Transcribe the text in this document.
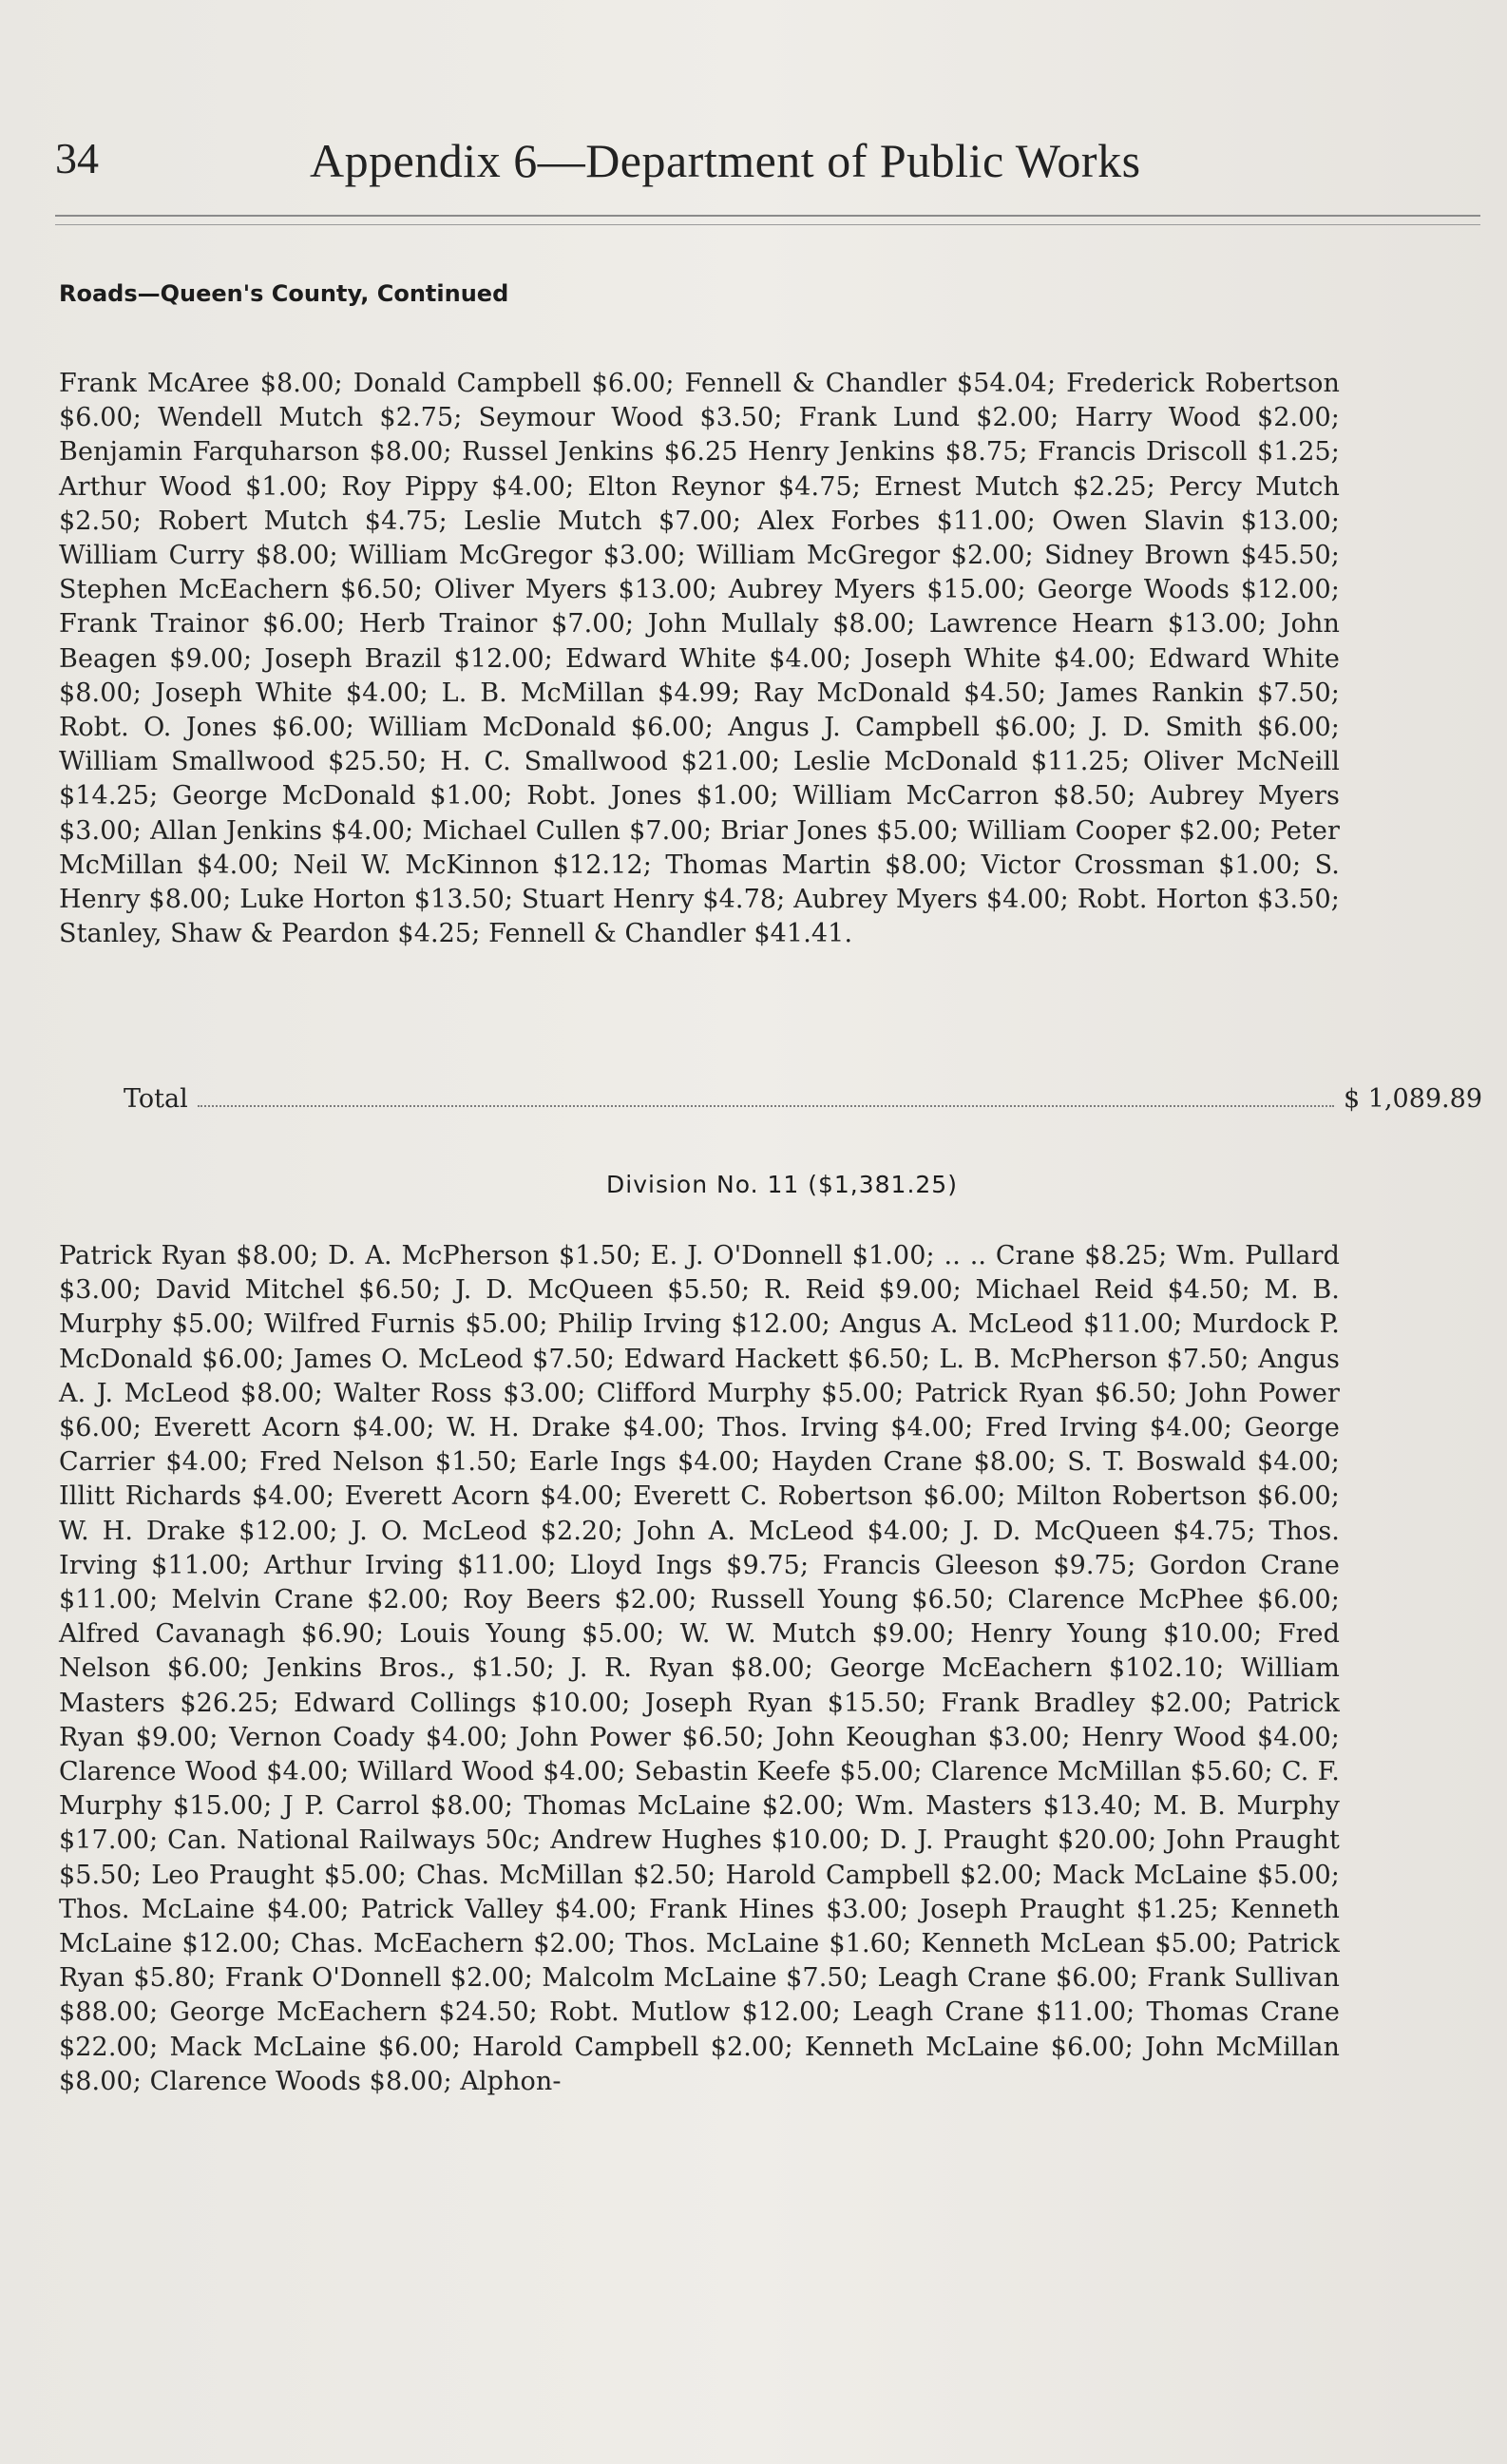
34	Appendix 6—Department of Public Works
Roads—Queen's County, Continued

Frank McAree $8.00; Donald Campbell $6.00; Fennell & Chandler $54.04; Frederick Robertson $6.00; Wendell Mutch $2.75; Seymour Wood $3.50; Frank Lund $2.00; Harry Wood $2.00; Benjamin Farquharson $8.00; Russel Jenkins $6.25 Henry Jenkins $8.75; Francis Driscoll $1.25; Arthur Wood $1.00; Roy Pippy $4.00; Elton Reynor $4.75; Ernest Mutch $2.25; Percy Mutch $2.50; Robert Mutch $4.75; Leslie Mutch $7.00; Alex Forbes $11.00; Owen Slavin $13.00; William Curry $8.00; William McGregor $3.00; William McGregor $2.00; Sidney Brown $45.50; Stephen McEachern $6.50; Oliver Myers $13.00; Aubrey Myers $15.00; George Woods $12.00; Frank Trainor $6.00; Herb Trainor $7.00; John Mullaly $8.00; Lawrence Hearn $13.00; John Beagen $9.00; Joseph Brazil $12.00; Edward White $4.00; Joseph White $4.00; Edward White $8.00; Joseph White $4.00; L. B. McMillan $4.99; Ray McDonald $4.50; James Rankin $7.50; Robt. O. Jones $6.00; William McDonald $6.00; Angus J. Campbell $6.00; J. D. Smith $6.00; William Smallwood $25.50; H. C. Smallwood $21.00; Leslie McDonald $11.25; Oliver McNeill $14.25; George McDonald $1.00; Robt. Jones $1.00; William McCarron $8.50; Aubrey Myers $3.00; Allan Jenkins $4.00; Michael Cullen $7.00; Briar Jones $5.00; William Cooper $2.00; Peter McMillan $4.00; Neil W. McKinnon $12.12; Thomas Martin $8.00; Victor Crossman $1.00; S. Henry $8.00; Luke Horton $13.50; Stuart Henry $4.78; Aubrey Myers $4.00; Robt. Horton $3.50; Stanley, Shaw & Peardon $4.25; Fennell & Chandler $41.41.

Total	$ 1,089.89
Division No. 11 ($1,381.25)

Patrick Ryan $8.00; D. A. McPherson $1.50; E. J. O'Donnell $1.00; .. .. Crane $8.25; Wm. Pullard $3.00; David Mitchel $6.50; J. D. McQueen $5.50; R. Reid $9.00; Michael Reid $4.50; M. B. Murphy $5.00; Wilfred Furnis $5.00; Philip Irving $12.00; Angus A. McLeod $11.00; Murdock P. McDonald $6.00; James O. McLeod $7.50; Edward Hackett $6.50; L. B. McPherson $7.50; Angus A. J. McLeod $8.00; Walter Ross $3.00; Clifford Murphy $5.00; Patrick Ryan $6.50; John Power $6.00; Everett Acorn $4.00; W. H. Drake $4.00; Thos. Irving $4.00; Fred Irving $4.00; George Carrier $4.00; Fred Nelson $1.50; Earle Ings $4.00; Hayden Crane $8.00; S. T. Boswald $4.00; Illitt Richards $4.00; Everett Acorn $4.00; Everett C. Robertson $6.00; Milton Robertson $6.00; W. H. Drake $12.00; J. O. McLeod $2.20; John A. McLeod $4.00; J. D. McQueen $4.75; Thos. Irving $11.00; Arthur Irving $11.00; Lloyd Ings $9.75; Francis Gleeson $9.75; Gordon Crane $11.00; Melvin Crane $2.00; Roy Beers $2.00; Russell Young $6.50; Clarence McPhee $6.00; Alfred Cavanagh $6.90; Louis Young $5.00; W. W. Mutch $9.00; Henry Young $10.00; Fred Nelson $6.00; Jenkins Bros., $1.50; J. R. Ryan $8.00; George McEachern $102.10; William Masters $26.25; Edward Collings $10.00; Joseph Ryan $15.50; Frank Bradley $2.00; Patrick Ryan $9.00; Vernon Coady $4.00; John Power $6.50; John Keoughan $3.00; Henry Wood $4.00; Clarence Wood $4.00; Willard Wood $4.00; Sebastin Keefe $5.00; Clarence McMillan $5.60; C. F. Murphy $15.00; J P. Carrol $8.00; Thomas McLaine $2.00; Wm. Masters $13.40; M. B. Murphy $17.00; Can. National Railways 50c; Andrew Hughes $10.00; D. J. Praught $20.00; John Praught $5.50; Leo Praught $5.00; Chas. McMillan $2.50; Harold Campbell $2.00; Mack McLaine $5.00; Thos. McLaine $4.00; Patrick Valley $4.00; Frank Hines $3.00; Joseph Praught $1.25; Kenneth McLaine $12.00; Chas. McEachern $2.00; Thos. McLaine $1.60; Kenneth McLean $5.00; Patrick Ryan $5.80; Frank O'Donnell $2.00; Malcolm McLaine $7.50; Leagh Crane $6.00; Frank Sullivan $88.00; George McEachern $24.50; Robt. Mutlow $12.00; Leagh Crane $11.00; Thomas Crane $22.00; Mack McLaine $6.00; Harold Campbell $2.00; Kenneth McLaine $6.00; John McMillan $8.00; Clarence Woods $8.00; Alphon-
